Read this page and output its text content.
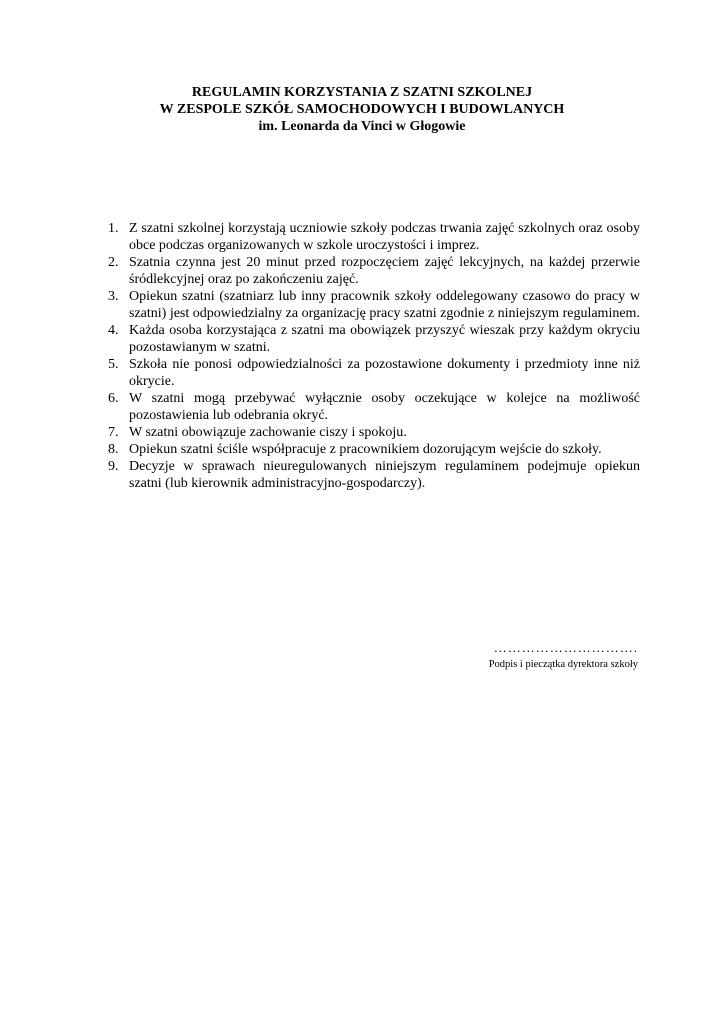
REGULAMIN KORZYSTANIA Z SZATNI SZKOLNEJ
W ZESPOLE SZKÓŁ SAMOCHODOWYCH I BUDOWLANYCH
im. Leonarda da Vinci w Głogowie
1. Z szatni szkolnej korzystają uczniowie szkoły podczas trwania zajęć szkolnych oraz osoby obce podczas organizowanych w szkole uroczystości i imprez.
2. Szatnia czynna jest 20 minut przed rozpoczęciem zajęć lekcyjnych, na każdej przerwie śródlekcyjnej oraz po zakończeniu zajęć.
3. Opiekun szatni (szatniarz lub inny pracownik szkoły oddelegowany czasowo do pracy w szatni) jest odpowiedzialny za organizację pracy szatni zgodnie z niniejszym regulaminem.
4. Każda osoba korzystająca z szatni ma obowiązek przyszyć wieszak przy każdym okryciu pozostawianym w szatni.
5. Szkoła nie ponosi odpowiedzialności za pozostawione dokumenty i przedmioty inne niż okrycie.
6. W szatni mogą przebywać wyłącznie osoby oczekujące w kolejce na możliwość pozostawienia lub odebrania okryć.
7. W szatni obowiązuje zachowanie ciszy i spokoju.
8. Opiekun szatni ściśle współpracuje z pracownikiem dozorującym wejście do szkoły.
9. Decyzje w sprawach nieuregulowanych niniejszym regulaminem podejmuje opiekun szatni (lub kierownik administracyjno-gospodarczy).
………………………….
Podpis i pieczątka dyrektora szkoły
